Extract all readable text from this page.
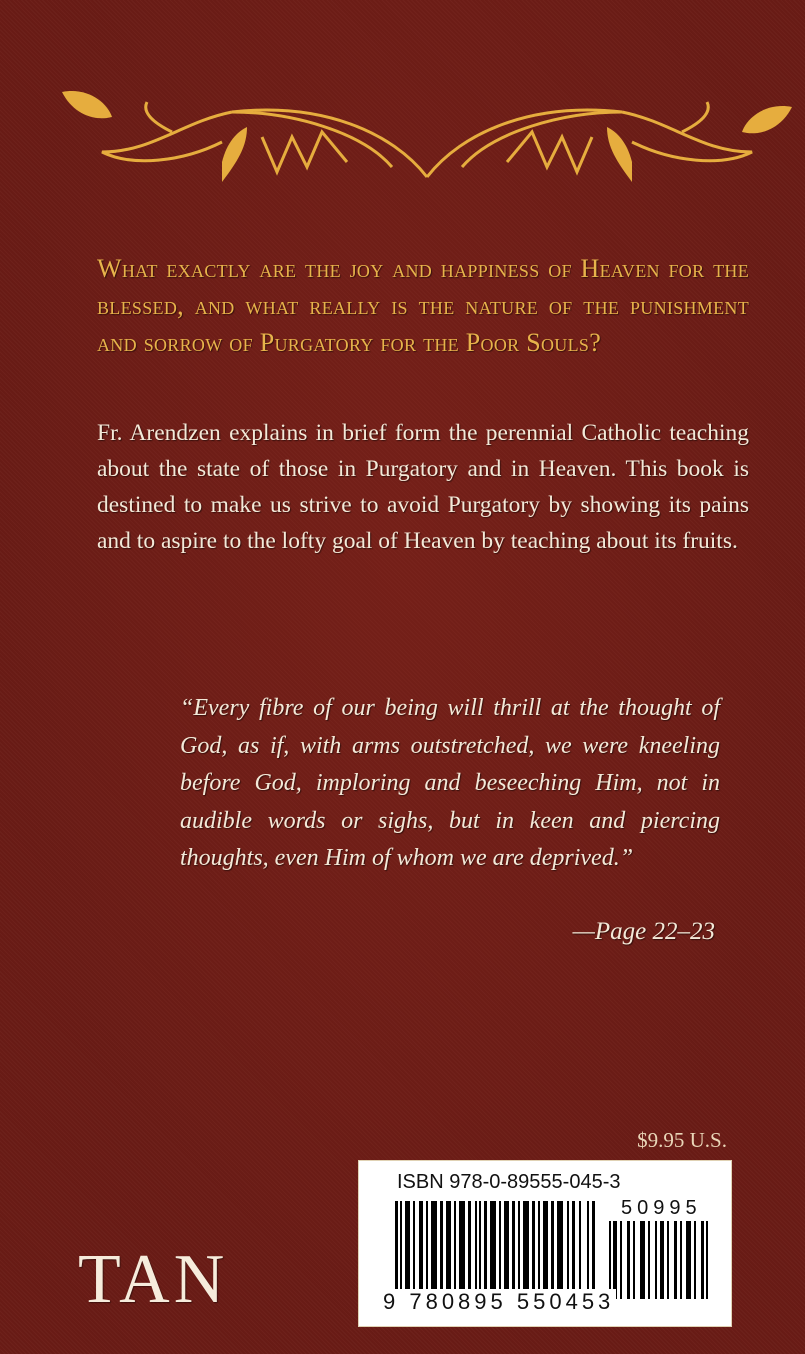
What exactly are the joy and happiness of Heaven for the blessed, and what really is the nature of the punishment and sorrow of Purgatory for the Poor Souls?

Fr. Arendzen explains in brief form the perennial Catholic teaching about the state of those in Purgatory and in Heaven. This book is destined to make us strive to avoid Purgatory by showing its pains and to aspire to the lofty goal of Heaven by teaching about its fruits.

“Every fibre of our being will thrill at the thought of God, as if, with arms outstretched, we were kneeling before God, imploring and beseeching Him, not in audible words or sighs, but in keen and piercing thoughts, even Him of whom we are deprived.”

—Page 22–23
$9.95 U.S.
ISBN 978-0-89555-045-3
50995
9 780895 550453
TAN
